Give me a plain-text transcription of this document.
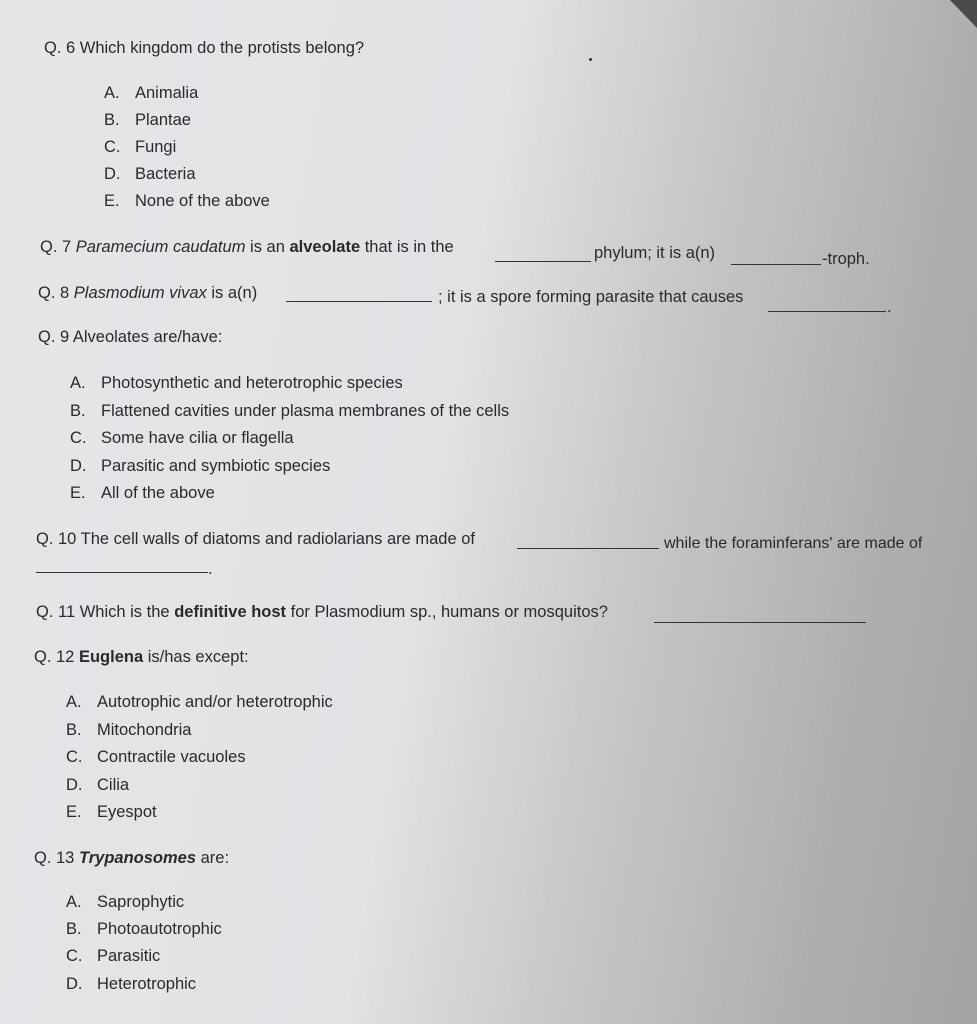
Q. 6 Which kingdom do the protists belong?
A. Animalia
B. Plantae
C. Fungi
D. Bacteria
E. None of the above
Q. 7 Paramecium caudatum is an alveolate that is in the	phylum; it is a(n)	-troph.
Q. 8 Plasmodium vivax is a(n)	; it is a spore forming parasite that causes
.
Q. 9 Alveolates are/have:
A. Photosynthetic and heterotrophic species
B. Flattened cavities under plasma membranes of the cells
C. Some have cilia or flagella
D. Parasitic and symbiotic species
E. All of the above
Q. 10 The cell walls of diatoms and radiolarians are made of	while the foraminferans' are made of
.
Q. 11 Which is the definitive host for Plasmodium sp., humans or mosquitos?
Q. 12 Euglena is/has except:
A. Autotrophic and/or heterotrophic
B. Mitochondria
C. Contractile vacuoles
D. Cilia
E. Eyespot
Q. 13 Trypanosomes are:
A. Saprophytic
B. Photoautotrophic
C. Parasitic
D. Heterotrophic
